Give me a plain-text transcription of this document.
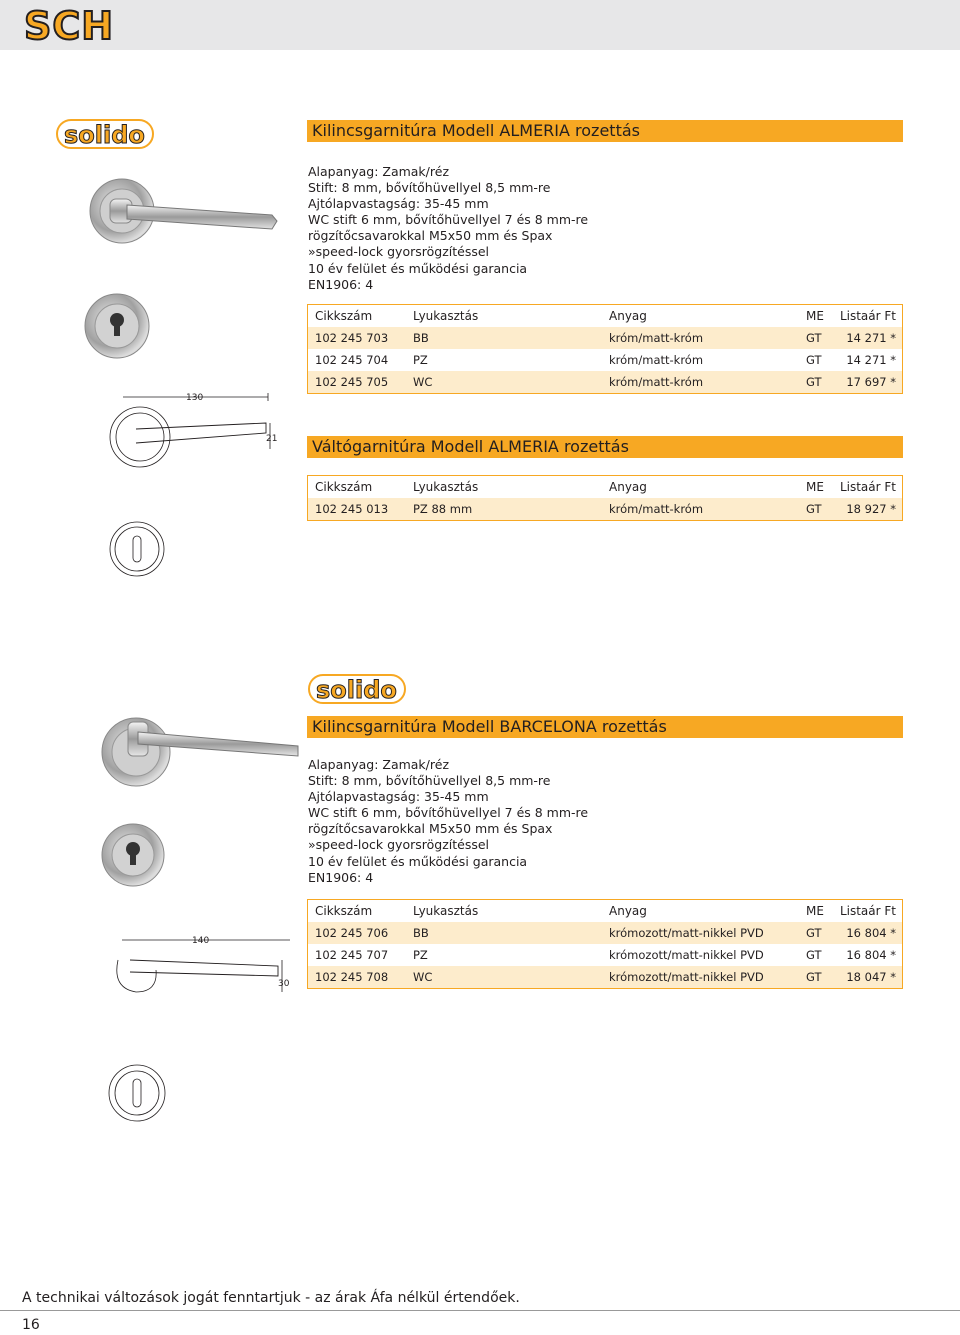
SCH
solido
130
21
Kilincsgarnitúra Modell ALMERIA rozettás
Alapanyag: Zamak/réz
Stift: 8 mm, bővítőhüvellyel 8,5 mm-re
Ajtólapvastagság: 35-45 mm
WC stift 6 mm, bővítőhüvellyel 7 és 8 mm-re
rögzítőcsavarokkal M5x50 mm és Spax
»speed-lock gyorsrögzítéssel
10 év felület és működési garancia
EN1906: 4
Cikkszám	Lyukasztás	Anyag	ME Listaár Ft
102 245 703 BB	króm/matt-króm	GT 14 271 *
102 245 704 PZ	króm/matt-króm	GT 14 271 *
102 245 705 WC	króm/matt-króm	GT 17 697 *
Váltógarnitúra Modell ALMERIA rozettás
Cikkszám	Lyukasztás	Anyag	ME Listaár Ft
102 245 013 PZ 88 mm	króm/matt-króm	GT 18 927 *
solido
140
30
Kilincsgarnitúra Modell BARCELONA rozettás
Alapanyag: Zamak/réz
Stift: 8 mm, bővítőhüvellyel 8,5 mm-re
Ajtólapvastagság: 35-45 mm
WC stift 6 mm, bővítőhüvellyel 7 és 8 mm-re
rögzítőcsavarokkal M5x50 mm és Spax
»speed-lock gyorsrögzítéssel
10 év felület és működési garancia
EN1906: 4
Cikkszám	Lyukasztás	Anyag	ME Listaár Ft
102 245 706 BB	krómozott/matt-nikkel PVD	GT 16 804 *
102 245 707 PZ	krómozott/matt-nikkel PVD	GT 16 804 *
102 245 708 WC	krómozott/matt-nikkel PVD	GT 18 047 *
A technikai változások jogát fenntartjuk - az árak Áfa nélkül értendőek.
16
